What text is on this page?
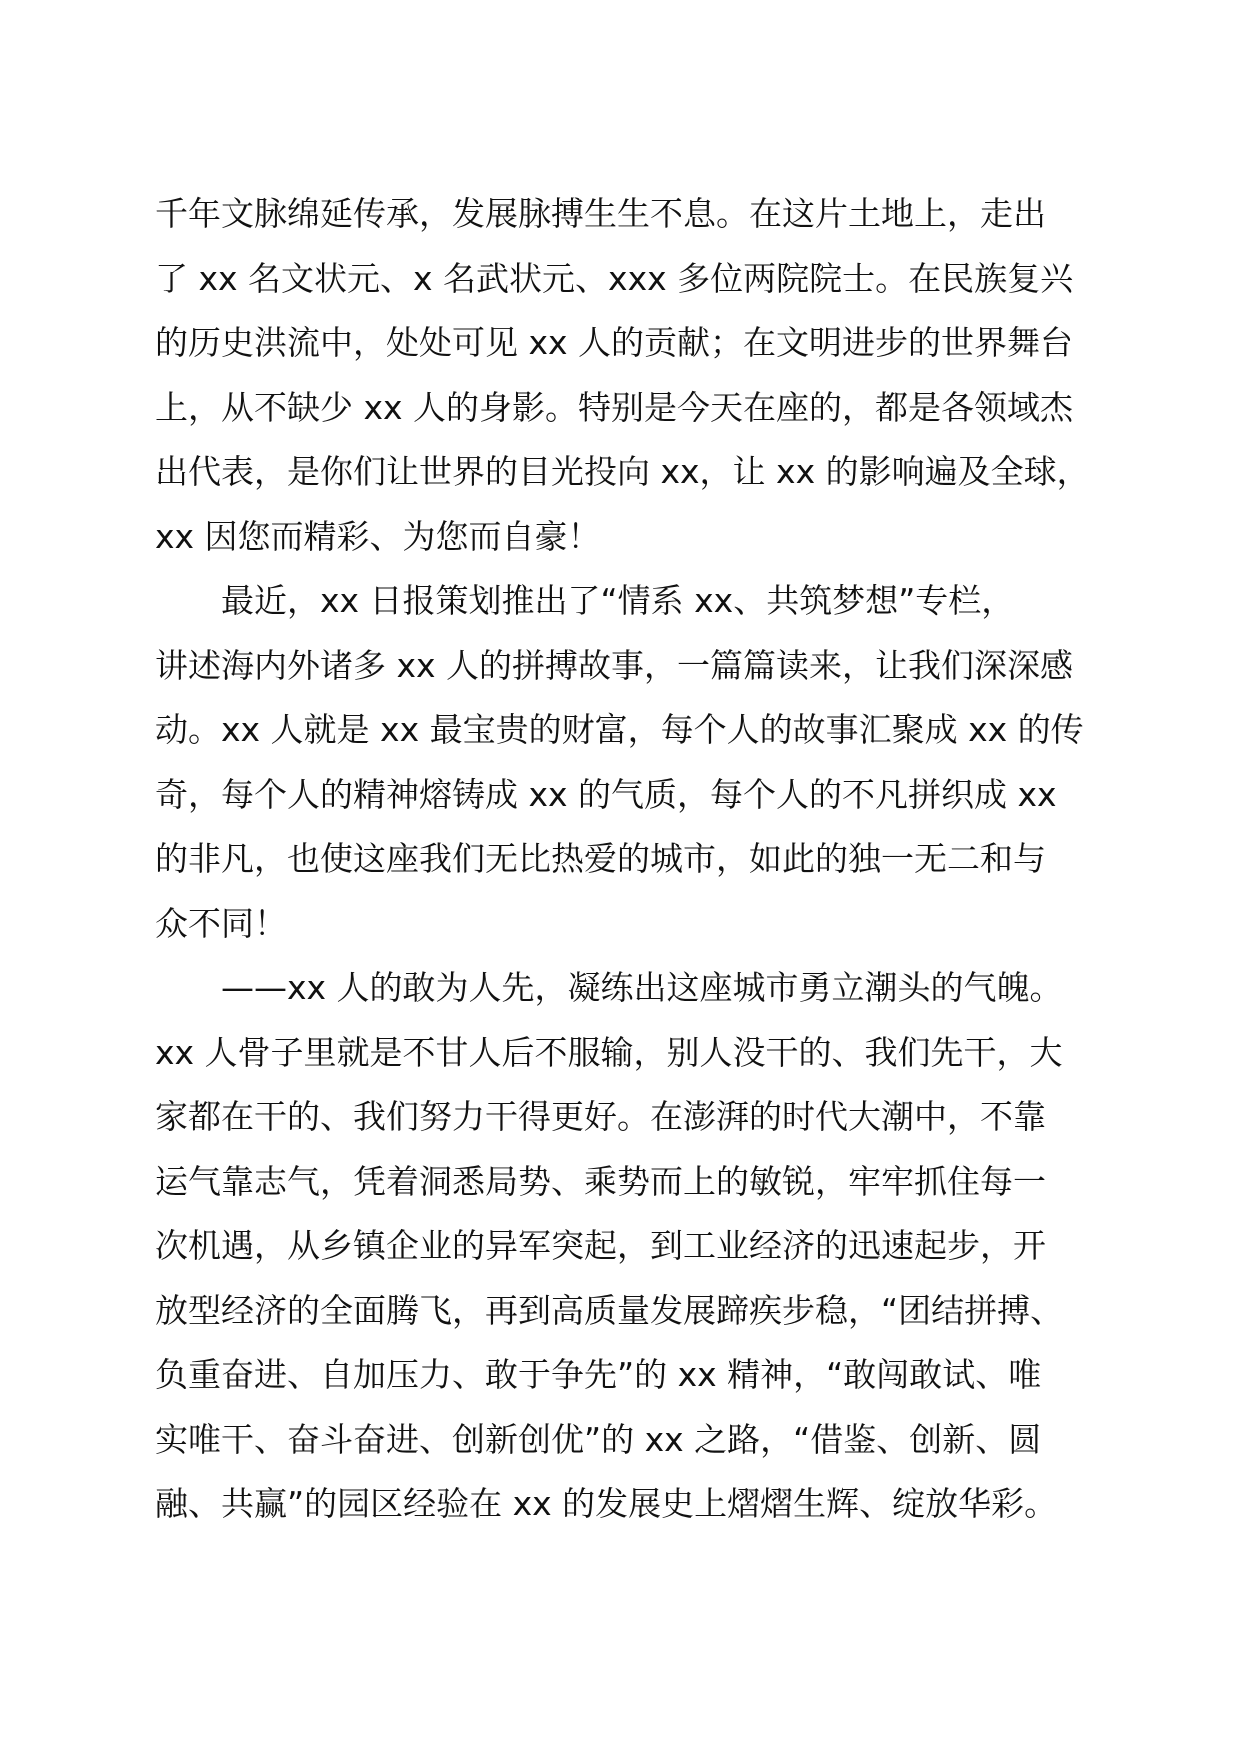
千年文脉绵延传承，发展脉搏生生不息。在这片土地上，走出
了 xx 名文状元、x 名武状元、xxx 多位两院院士。在民族复兴
的历史洪流中，处处可见 xx 人的贡献；在文明进步的世界舞台
上，从不缺少 xx 人的身影。特别是今天在座的，都是各领域杰
出代表，是你们让世界的目光投向 xx，让 xx 的影响遍及全球，
xx 因您而精彩、为您而自豪！
最近，xx 日报策划推出了“情系 xx、共筑梦想”专栏，
讲述海内外诸多 xx 人的拼搏故事，一篇篇读来，让我们深深感
动。xx 人就是 xx 最宝贵的财富，每个人的故事汇聚成 xx 的传
奇，每个人的精神熔铸成 xx 的气质，每个人的不凡拼织成 xx
的非凡，也使这座我们无比热爱的城市，如此的独一无二和与
众不同！
——xx 人的敢为人先，凝练出这座城市勇立潮头的气魄。
xx 人骨子里就是不甘人后不服输，别人没干的、我们先干，大
家都在干的、我们努力干得更好。在澎湃的时代大潮中，不靠
运气靠志气，凭着洞悉局势、乘势而上的敏锐，牢牢抓住每一
次机遇，从乡镇企业的异军突起，到工业经济的迅速起步，开
放型经济的全面腾飞，再到高质量发展蹄疾步稳，“团结拼搏、
负重奋进、自加压力、敢于争先”的 xx 精神，“敢闯敢试、唯
实唯干、奋斗奋进、创新创优”的 xx 之路，“借鉴、创新、圆
融、共赢”的园区经验在 xx 的发展史上熠熠生辉、绽放华彩。
